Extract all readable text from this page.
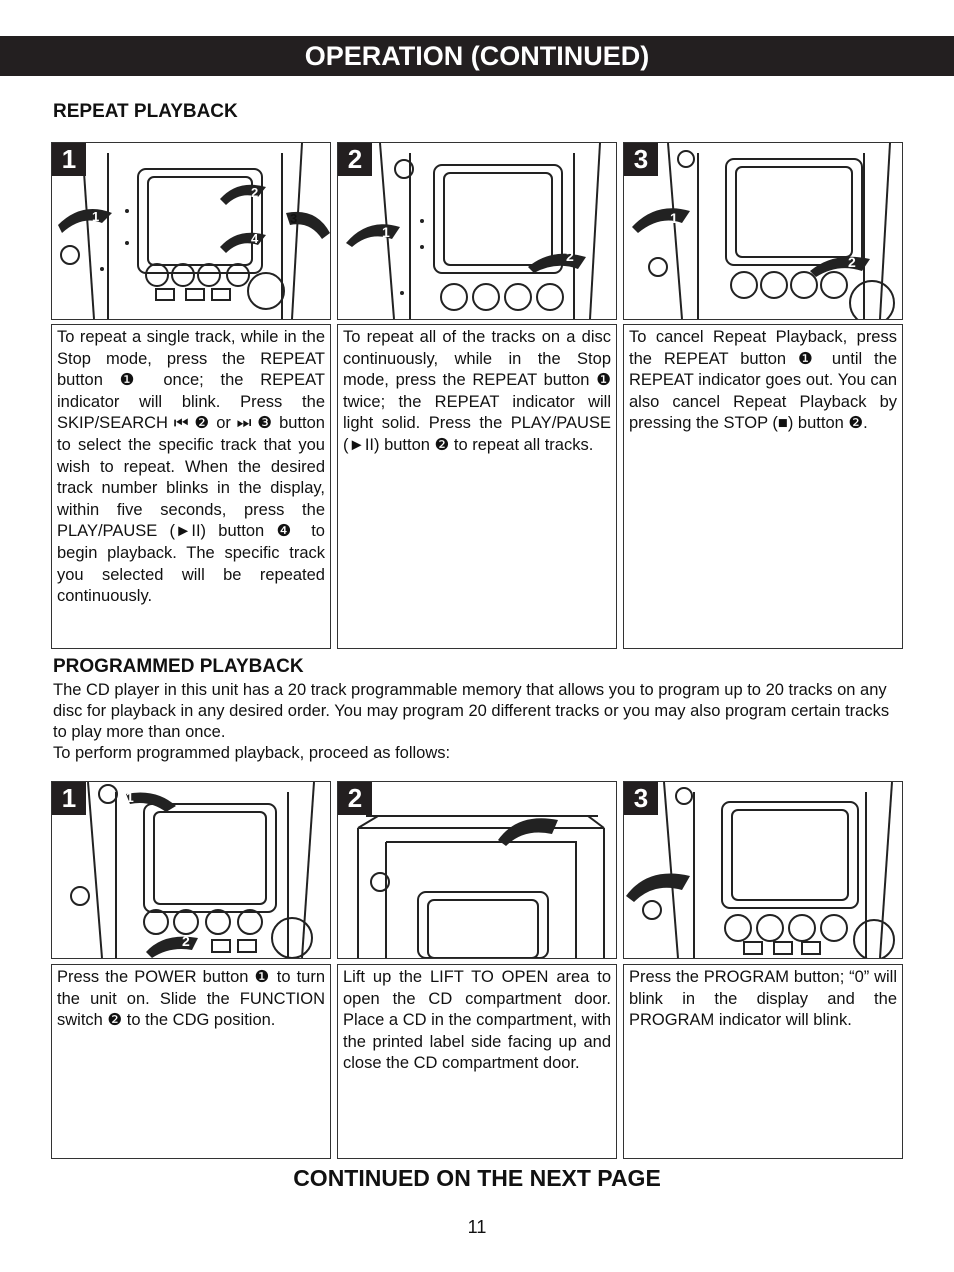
OPERATION (CONTINUED)
REPEAT PLAYBACK
1
2
3
4
1
To repeat a single track, while in the Stop mode, press the REPEAT button ❶ once; the REPEAT indicator will blink. Press the SKIP/SEARCH ⏮ ❷ or ⏭ ❸ button to select the specific track that you wish to repeat. When the desired track number blinks in the display, within five seconds, press the PLAY/PAUSE (►II) button ❹ to begin playback. The specific track you selected will be repeated continuously.
1
2
2
To repeat all of the tracks on a disc continuously, while in the Stop mode, press the REPEAT button ❶ twice; the REPEAT indicator will light solid. Press the PLAY/PAUSE (►II) button ❷ to repeat all tracks.
1
2
3
To cancel Repeat Playback, press the REPEAT button ❶ until the REPEAT indicator goes out. You can also cancel Repeat Playback by pressing the STOP (■) button ❷.
PROGRAMMED PLAYBACK

The CD player in this unit has a 20 track programmable memory that allows you to program up to 20 tracks on any disc for playback in any desired order. You may program 20 different tracks or you may also program certain tracks to play more than once.

To perform programmed playback, proceed as follows:

1
2
1
Press the POWER button ❶ to turn the unit on. Slide the FUNCTION switch ❷ to the CDG position.
2
Lift up the LIFT TO OPEN area to open the CD compartment door. Place a CD in the compartment, with the printed label side facing up and close the CD compartment door.
3
Press the PROGRAM button; “0” will blink in the display and the PROGRAM indicator will blink.
CONTINUED ON THE NEXT PAGE
11
